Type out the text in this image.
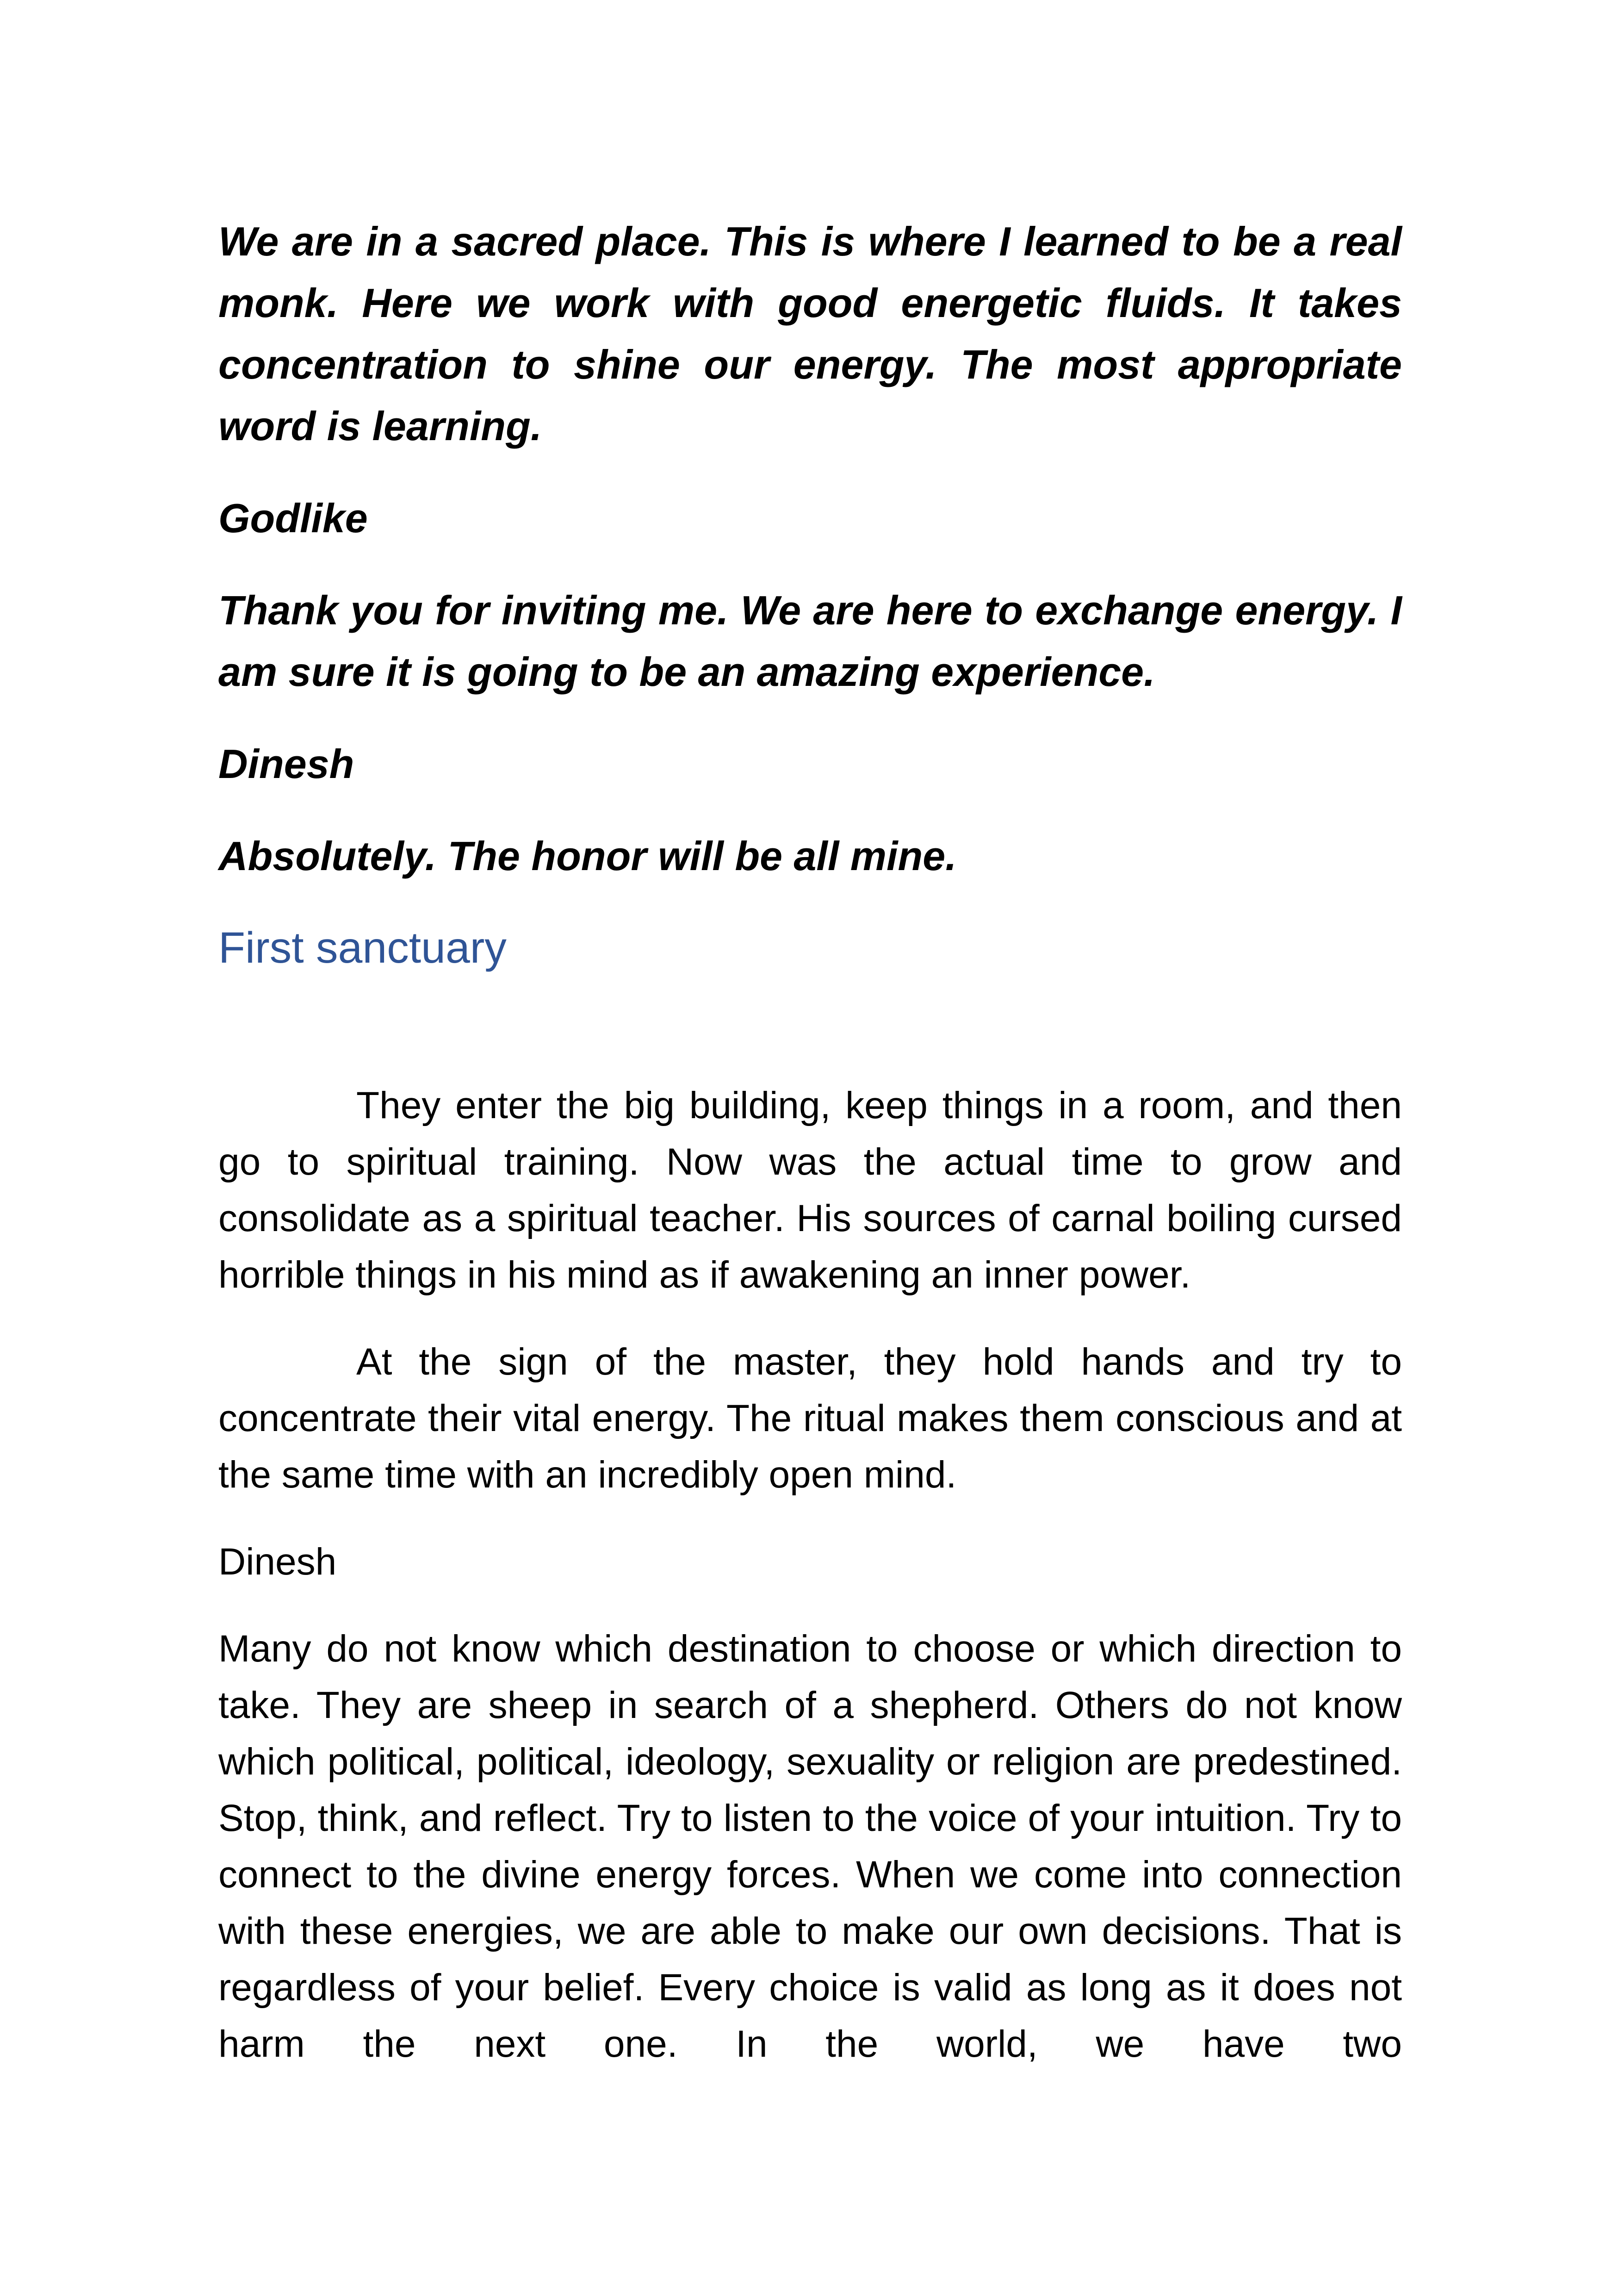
We are in a sacred place. This is where I learned to be a real monk. Here we work with good energetic fluids. It takes concentration to shine our energy. The most appropriate word is learning.

Godlike

Thank you for inviting me. We are here to exchange energy. I am sure it is going to be an amazing experience.

Dinesh

Absolutely. The honor will be all mine.

First sanctuary

They enter the big building, keep things in a room, and then go to spiritual training. Now was the actual time to grow and consolidate as a spiritual teacher. His sources of carnal boiling cursed horrible things in his mind as if awakening an inner power.

At the sign of the master, they hold hands and try to concentrate their vital energy. The ritual makes them conscious and at the same time with an incredibly open mind.

Dinesh

Many do not know which destination to choose or which direction to take. They are sheep in search of a shepherd. Others do not know which political, political, ideology, sexuality or religion are predestined. Stop, think, and reflect. Try to listen to the voice of your intuition. Try to connect to the divine energy forces. When we come into connection with these energies, we are able to make our own decisions. That is regardless of your belief. Every choice is valid as long as it does not harm the next one. In the world, we have two
